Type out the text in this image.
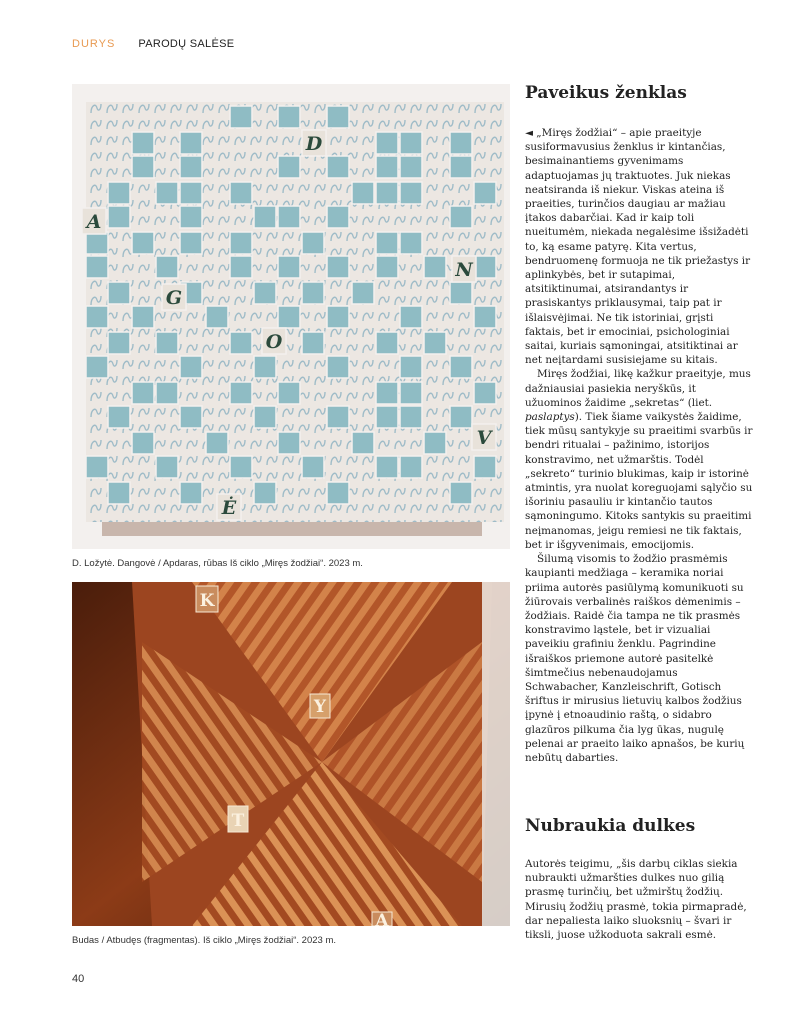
DURYS PARODŲ SALĖSE
D
A
N
G
O
V
Ė
D. Ložytė. Dangovė / Apdaras, rūbas Iš ciklo „Miręs žodžiai“. 2023 m.
K
Y
T
A
Budas / Atbudęs (fragmentas). Iš ciklo „Miręs žodžiai“. 2023 m.
Paveikus ženklas

◄ „Miręs žodžiai“ – apie praeityje susiformavusius ženklus ir kintančias, besimainantiems gyvenimams adaptuojamas jų traktuotes. Juk niekas neatsiranda iš niekur. Viskas ateina iš praeities, turinčios daugiau ar mažiau įtakos dabarčiai. Kad ir kaip toli nueitumėm, niekada negalėsime išsižadėti to, ką esame patyrę. Kita vertus, bendruomenę formuoja ne tik priežastys ir aplinkybės, bet ir sutapimai, atsitiktinumai, atsirandantys ir prasiskantys priklausymai, taip pat ir išlaisvėjimai. Ne tik istoriniai, grįsti faktais, bet ir emociniai, psichologiniai saitai, kuriais sąmoningai, atsitiktinai ar net neįtardami susisiejame su kitais.

Miręs žodžiai, likę kažkur praeityje, mus dažniausiai pasiekia neryškūs, it užuominos žaidime „sekretas“ (liet. paslaptys). Tiek šiame vaikystės žaidime, tiek mūsų santykyje su praeitimi svarbūs ir bendri ritualai – pažinimo, istorijos konstravimo, net užmarštis. Todėl „sekreto“ turinio blukimas, kaip ir istorinė atmintis, yra nuolat koreguojami sąlyčio su išoriniu pasauliu ir kintančio tautos sąmoningumo. Kitoks santykis su praeitimi neįmanomas, jeigu remiesi ne tik faktais, bet ir išgyvenimais, emocijomis.

Šilumą visomis to žodžio prasmėmis kaupianti medžiaga – keramika noriai priima autorės pasiūlymą komunikuoti su žiūrovais verbalinės raiškos dėmenimis – žodžiais. Raidė čia tampa ne tik prasmės konstravimo ląstele, bet ir vizualiai paveikiu grafiniu ženklu. Pagrindine išraiškos priemone autorė pasitelkė šimtmečius nebenaudojamus Schwabacher, Kanzleischrift, Gotisch šriftus ir mirusius lietuvių kalbos žodžius įpynė į etnoaudinio raštą, o sidabro glazūros pilkuma čia lyg ūkas, nugulę pelenai ar praeito laiko apnašos, be kurių nebūtų dabarties.

Nubraukia dulkes

Autorės teigimu, „šis darbų ciklas siekia nubraukti užmaršties dulkes nuo gilią prasmę turinčių, bet užmirštų žodžių. Mirusių žodžių prasmė, tokia pirmapradė, dar nepaliesta laiko sluoksnių – švari ir tiksli, juose užkoduota sakrali esmė.

40
